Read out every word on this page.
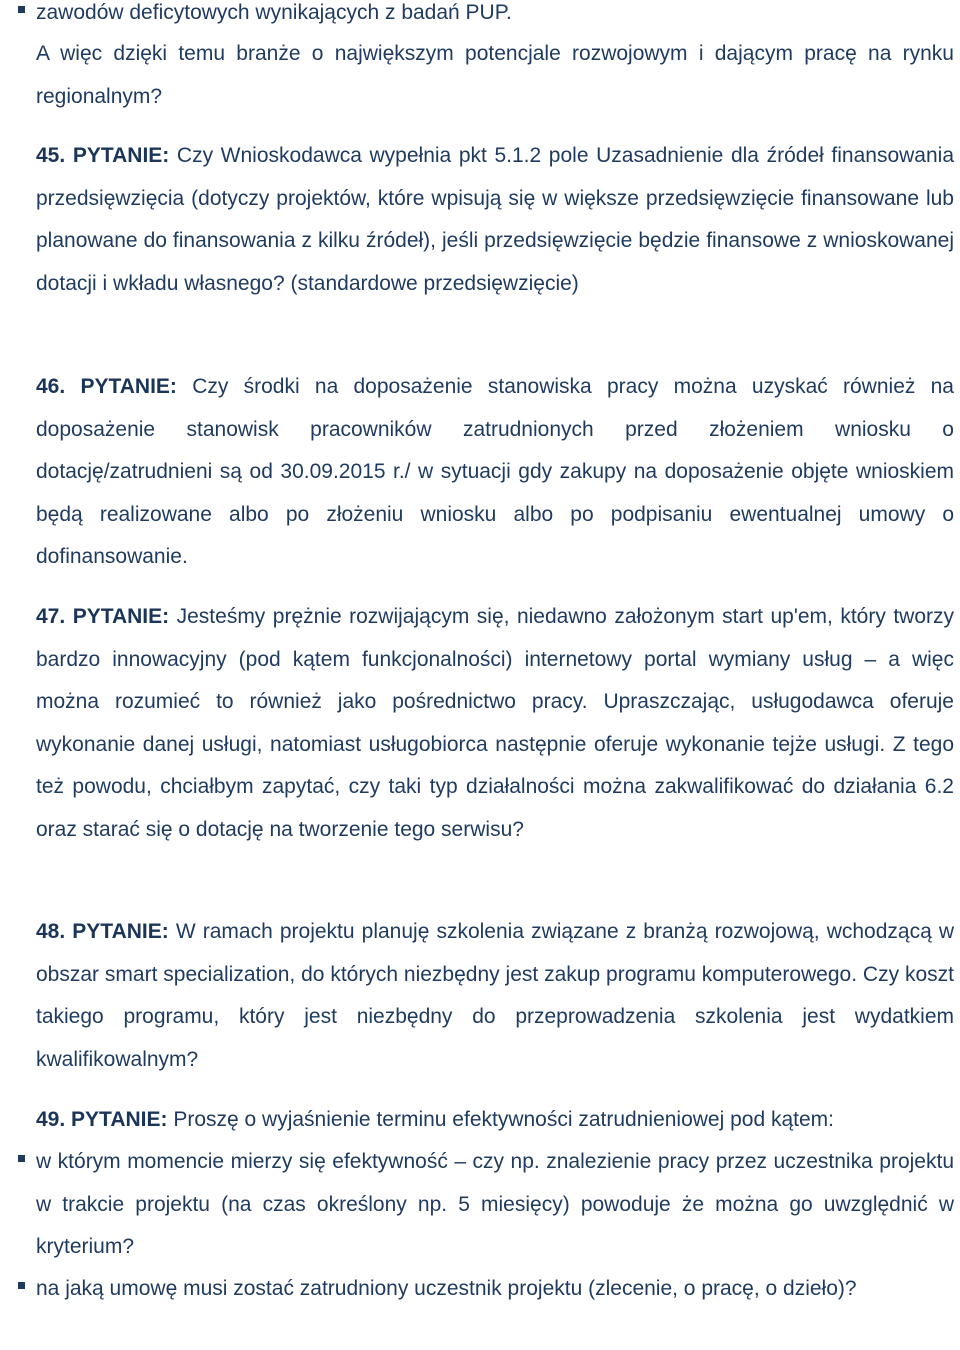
zawodów deficytowych wynikających z badań PUP.

A więc dzięki temu branże o największym potencjale rozwojowym i dającym pracę na rynku regionalnym?

45. PYTANIE: Czy Wnioskodawca wypełnia pkt 5.1.2 pole Uzasadnienie dla źródeł finansowania przedsięwzięcia (dotyczy projektów, które wpisują się w większe przedsięwzięcie finansowane lub planowane do finansowania z kilku źródeł), jeśli przedsięwzięcie będzie finansowe z wnioskowanej dotacji i wkładu własnego? (standardowe przedsięwzięcie)

46. PYTANIE: Czy środki na doposażenie stanowiska pracy można uzyskać również na doposażenie stanowisk pracowników zatrudnionych przed złożeniem wniosku o dotację/zatrudnieni są od 30.09.2015 r./ w sytuacji gdy zakupy na doposażenie objęte wnioskiem będą realizowane albo po złożeniu wniosku albo po podpisaniu ewentualnej umowy o dofinansowanie.

47. PYTANIE: Jesteśmy prężnie rozwijającym się, niedawno założonym start up'em, który tworzy bardzo innowacyjny (pod kątem funkcjonalności) internetowy portal wymiany usług – a więc można rozumieć to również jako pośrednictwo pracy. Upraszczając, usługodawca oferuje wykonanie danej usługi, natomiast usługobiorca następnie oferuje wykonanie tejże usługi. Z tego też powodu, chciałbym zapytać, czy taki typ działalności można zakwalifikować do działania 6.2 oraz starać się o dotację na tworzenie tego serwisu?

48. PYTANIE: W ramach projektu planuję szkolenia związane z branżą rozwojową, wchodzącą w obszar smart specialization, do których niezbędny jest zakup programu komputerowego. Czy koszt takiego programu, który jest niezbędny do przeprowadzenia szkolenia jest wydatkiem kwalifikowalnym?

49. PYTANIE: Proszę o wyjaśnienie terminu efektywności zatrudnieniowej pod kątem:

w którym momencie mierzy się efektywność – czy np. znalezienie pracy przez uczestnika projektu w trakcie projektu (na czas określony np. 5 miesięcy) powoduje że można go uwzględnić w kryterium?
na jaką umowę musi zostać zatrudniony uczestnik projektu (zlecenie, o pracę, o dzieło)?
